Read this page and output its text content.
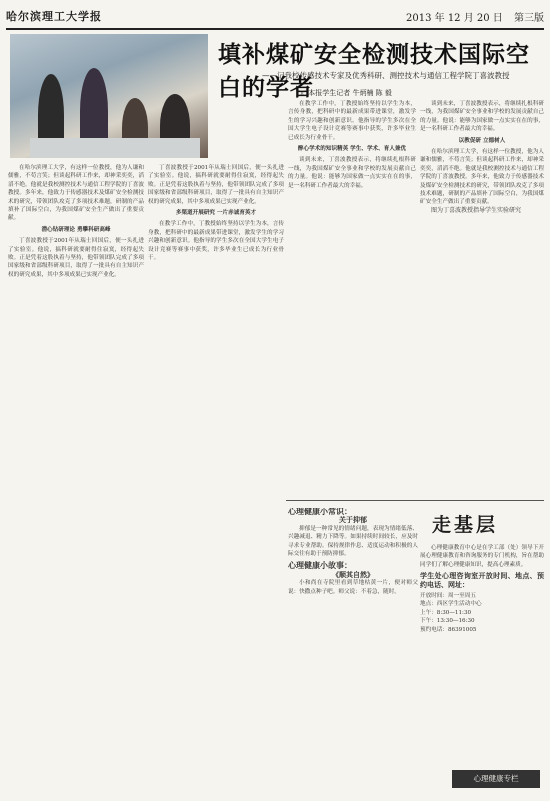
哈尔滨理工大学报	2013 年 12 月 20 日 第三版
填补煤矿安全检测技术国际空白的学者
——记我校传感技术专家及优秀科研、测控技术与通信工程学院丁喜波教授
○○本报学生记者 牛炳楠 陈 毅

在哈尔滨理工大学，有这样一位教授，他为人谦和儒雅，不苟言笑；但谈起科研工作来，却神采奕奕，滔滔不绝。他就是我校测控技术与通信工程学院的丁喜波教授。多年来，他致力于传感器技术及煤矿安全检测技术的研究，带领团队攻克了多项技术难题，研制的产品填补了国际空白，为我国煤矿安全生产做出了重要贡献。

潜心钻研理论 勇攀科研高峰

丁喜波教授于2001年从瑞士回国后，便一头扎进了实验室。他说，搞科研就要耐得住寂寞，经得起失败。正是凭着这股执着与坚持，他带领团队完成了多项国家级和省部级科研项目，取得了一批具有自主知识产权的研究成果，其中多项成果已实现产业化。

丁喜波教授于2001年从瑞士回国后，便一头扎进了实验室。他说，搞科研就要耐得住寂寞，经得起失败。正是凭着这股执着与坚持，他带领团队完成了多项国家级和省部级科研项目，取得了一批具有自主知识产权的研究成果，其中多项成果已实现产业化。

多渠道开展研究 一片赤诚育英才

在教学工作中，丁教授始终坚持以学生为本，言传身教，把科研中的最新成果带进课堂，激发学生的学习兴趣和创新意识。他指导的学生多次在全国大学生电子设计竞赛等赛事中获奖，许多毕业生已成长为行业骨干。

在教学工作中，丁教授始终坚持以学生为本，言传身教，把科研中的最新成果带进课堂，激发学生的学习兴趣和创新意识。他指导的学生多次在全国大学生电子设计竞赛等赛事中获奖，许多毕业生已成长为行业骨干。

醉心学术的知识精英 学生、学术、育人兼优

谈到未来，丁喜波教授表示，将继续扎根科研一线，为我国煤矿安全事业和学校的发展贡献自己的力量。他说：能够为国家做一点实实在在的事，是一名科研工作者最大的幸福。

谈到未来，丁喜波教授表示，将继续扎根科研一线，为我国煤矿安全事业和学校的发展贡献自己的力量。他说：能够为国家做一点实实在在的事，是一名科研工作者最大的幸福。

以教促研 立德树人

在哈尔滨理工大学，有这样一位教授，他为人谦和儒雅，不苟言笑；但谈起科研工作来，却神采奕奕，滔滔不绝。他就是我校测控技术与通信工程学院的丁喜波教授。多年来，他致力于传感器技术及煤矿安全检测技术的研究，带领团队攻克了多项技术难题，研制的产品填补了国际空白，为我国煤矿安全生产做出了重要贡献。

图为丁喜波教授指导学生实验研究

走基层
心理健康小常识：
关于抑郁

抑郁是一种常见的情绪问题，表现为情绪低落、兴趣减退、精力下降等。如果持续时间较长，应及时寻求专业帮助。保持规律作息、适度运动和积极的人际交往有助于预防抑郁。

心理健康小故事：
《顺其自然》

小和尚在寺院里看到草地枯黄一片，便对师父说：快撒点种子吧。师父说：不着急，随时。

心理健康教育中心是在学工部（处）领导下开展心理健康教育和咨询服务的专门机构，旨在帮助同学们了解心理健康知识，提高心理素质。

学生处心理咨询室开放时间、地点、预约电话、网址：
开放时间：周一至周五
地点：西区学生活动中心
上午：8:30—11:30
下午：13:30—16:30
预约电话：86391005
心理健康专栏
